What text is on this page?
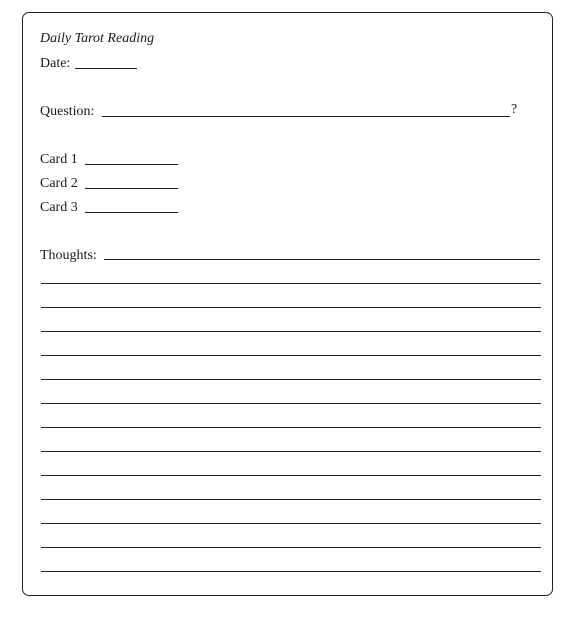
Daily Tarot Reading
Date:
Question:	?
Card 1
Card 2
Card 3
Thoughts:
